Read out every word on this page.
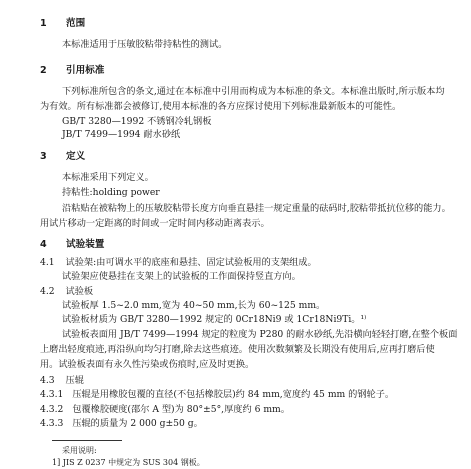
1 范围
本标准适用于压敏胶粘带持粘性的测试。
2 引用标准
下列标准所包含的条文,通过在本标准中引用而构成为本标准的条文。本标准出版时,所示版本均
为有效。所有标准都会被修订,使用本标准的各方应探讨使用下列标准最新版本的可能性。
GB/T 3280—1992 不锈钢冷轧钢板
JB/T 7499—1994 耐水砂纸
3 定义
本标准采用下列定义。
持粘性:holding power
沿粘贴在被粘物上的压敏胶粘带长度方向垂直悬挂一规定重量的砝码时,胶粘带抵抗位移的能力。
用试片移动一定距离的时间或一定时间内移动距离表示。
4 试验装置
4.1 试验架:由可调水平的底座和悬挂、固定试验板用的支架组成。
试验架应使悬挂在支架上的试验板的工作面保持竖直方向。
4.2 试验板
试验板厚 1.5~2.0 mm,宽为 40~50 mm,长为 60~125 mm。
试验板材质为 GB/T 3280—1992 规定的 0Cr18Ni9 或 1Cr18Ni9Ti。¹⁾
试验板表面用 JB/T 7499—1994 规定的粒度为 P280 的耐水砂纸,先沿横向轻轻打磨,在整个板面
上磨出轻度痕迹,再沿纵向均匀打磨,除去这些痕迹。使用次数频繁及长期没有使用后,应再打磨后使
用。试验板表面有永久性污染或伤痕时,应及时更换。
4.3 压辊
4.3.1 压辊是用橡胶包覆的直径(不包括橡胶层)约 84 mm,宽度约 45 mm 的钢轮子。
4.3.2 包覆橡胶硬度(邵尔 A 型)为 80°±5°,厚度约 6 mm。
4.3.3 压辊的质量为 2 000 g±50 g。
采用说明:
1] JIS Z 0237 中规定为 SUS 304 钢板。
